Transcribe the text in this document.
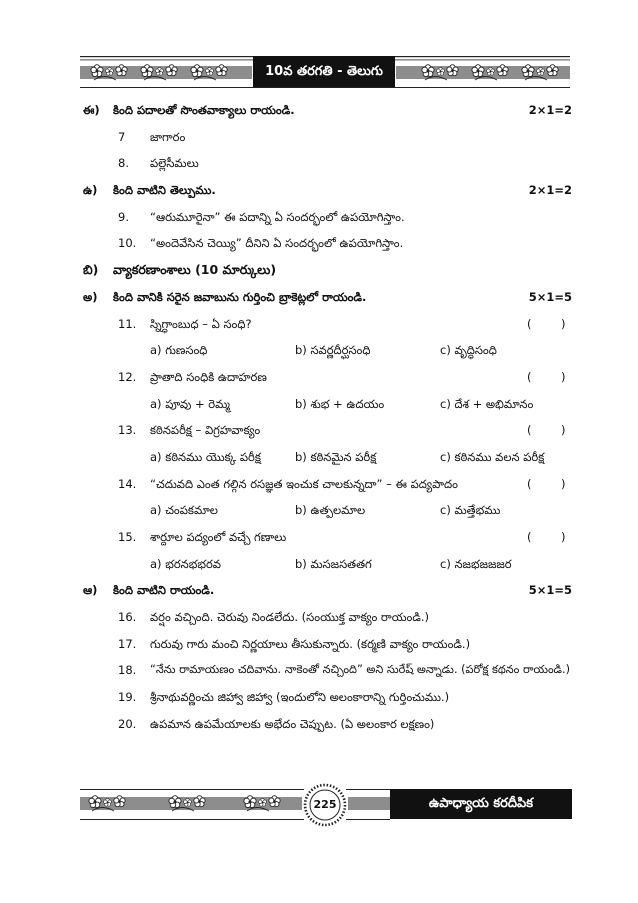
10వ తరగతి - తెలుగు
ఈ)	కింది పదాలతో సొంతవాక్యాలు రాయండి.	2×1=2
7	జాగారం
8.	పల్లెసీమలు
ఉ)	కింది వాటిని తెల్పుము.	2×1=2
9.	“ఆరుమూరైనా” ఈ పదాన్ని ఏ సందర్భంలో ఉపయోగిస్తాం.
10.	“అందెవేసిన చెయ్యి” దీనిని ఏ సందర్భంలో ఉపయోగిస్తాం.
బి)	వ్యాకరణాంశాలు (10 మార్కులు)
అ)	కింది వానికి సరైన జవాబును గుర్తించి బ్రాకెట్లలో రాయండి.	5×1=5
11.	స్నిగ్ధాంబుధ – ఏ సంధి?	(	)
a) గుణసంధి	b) సవర్ణదీర్ఘసంధి	c) వృద్ధిసంధి
12.	ప్రాతాది సంధికి ఉదాహరణ	(	)
a) పూవు + రెమ్మ	b) శుభ + ఉదయం	c) దేశ + అభిమానం
13.	కఠినపరీక్ష – విగ్రహవాక్యం	(	)
a) కఠినము యొక్క పరీక్ష	b) కఠినమైన పరీక్ష	c) కఠినము వలన పరీక్ష
14.	“చదువది ఎంత గల్గిన రసజ్ఞత ఇంచుక చాలకున్నదా” – ఈ పద్యపాదం	(	)
a) చంపకమాల	b) ఉత్పలమాల	c) మత్తేభము
15.	శార్దూల పద్యంలో వచ్చే గణాలు	(	)
a) భరనభభరవ	b) మసజసతతగ	c) నజభజజజర
ఆ)	కింది వాటిని రాయండి.	5×1=5
16.	వర్షం వచ్చింది. చెరువు నిండలేదు. (సంయుక్త వాక్యం రాయండి.)
17.	గురువు గారు మంచి నిర్ణయాలు తీసుకున్నారు. (కర్మణి వాక్యం రాయండి.)
18.	“నేను రామాయణం చదివాను. నాకెంతో నచ్చింది” అని సురేష్ అన్నాడు. (పరోక్ష కథనం రాయండి.)
19.	శ్రీనాథువర్ణించు జిహ్వా జిహ్వా (ఇందులోని అలంకారాన్ని గుర్తించుము.)
20.	ఉపమాన ఉపమేయాలకు అభేదం చెప్పుట. (ఏ అలంకార లక్షణం)
225	ఉపాధ్యాయ కరదీపిక
